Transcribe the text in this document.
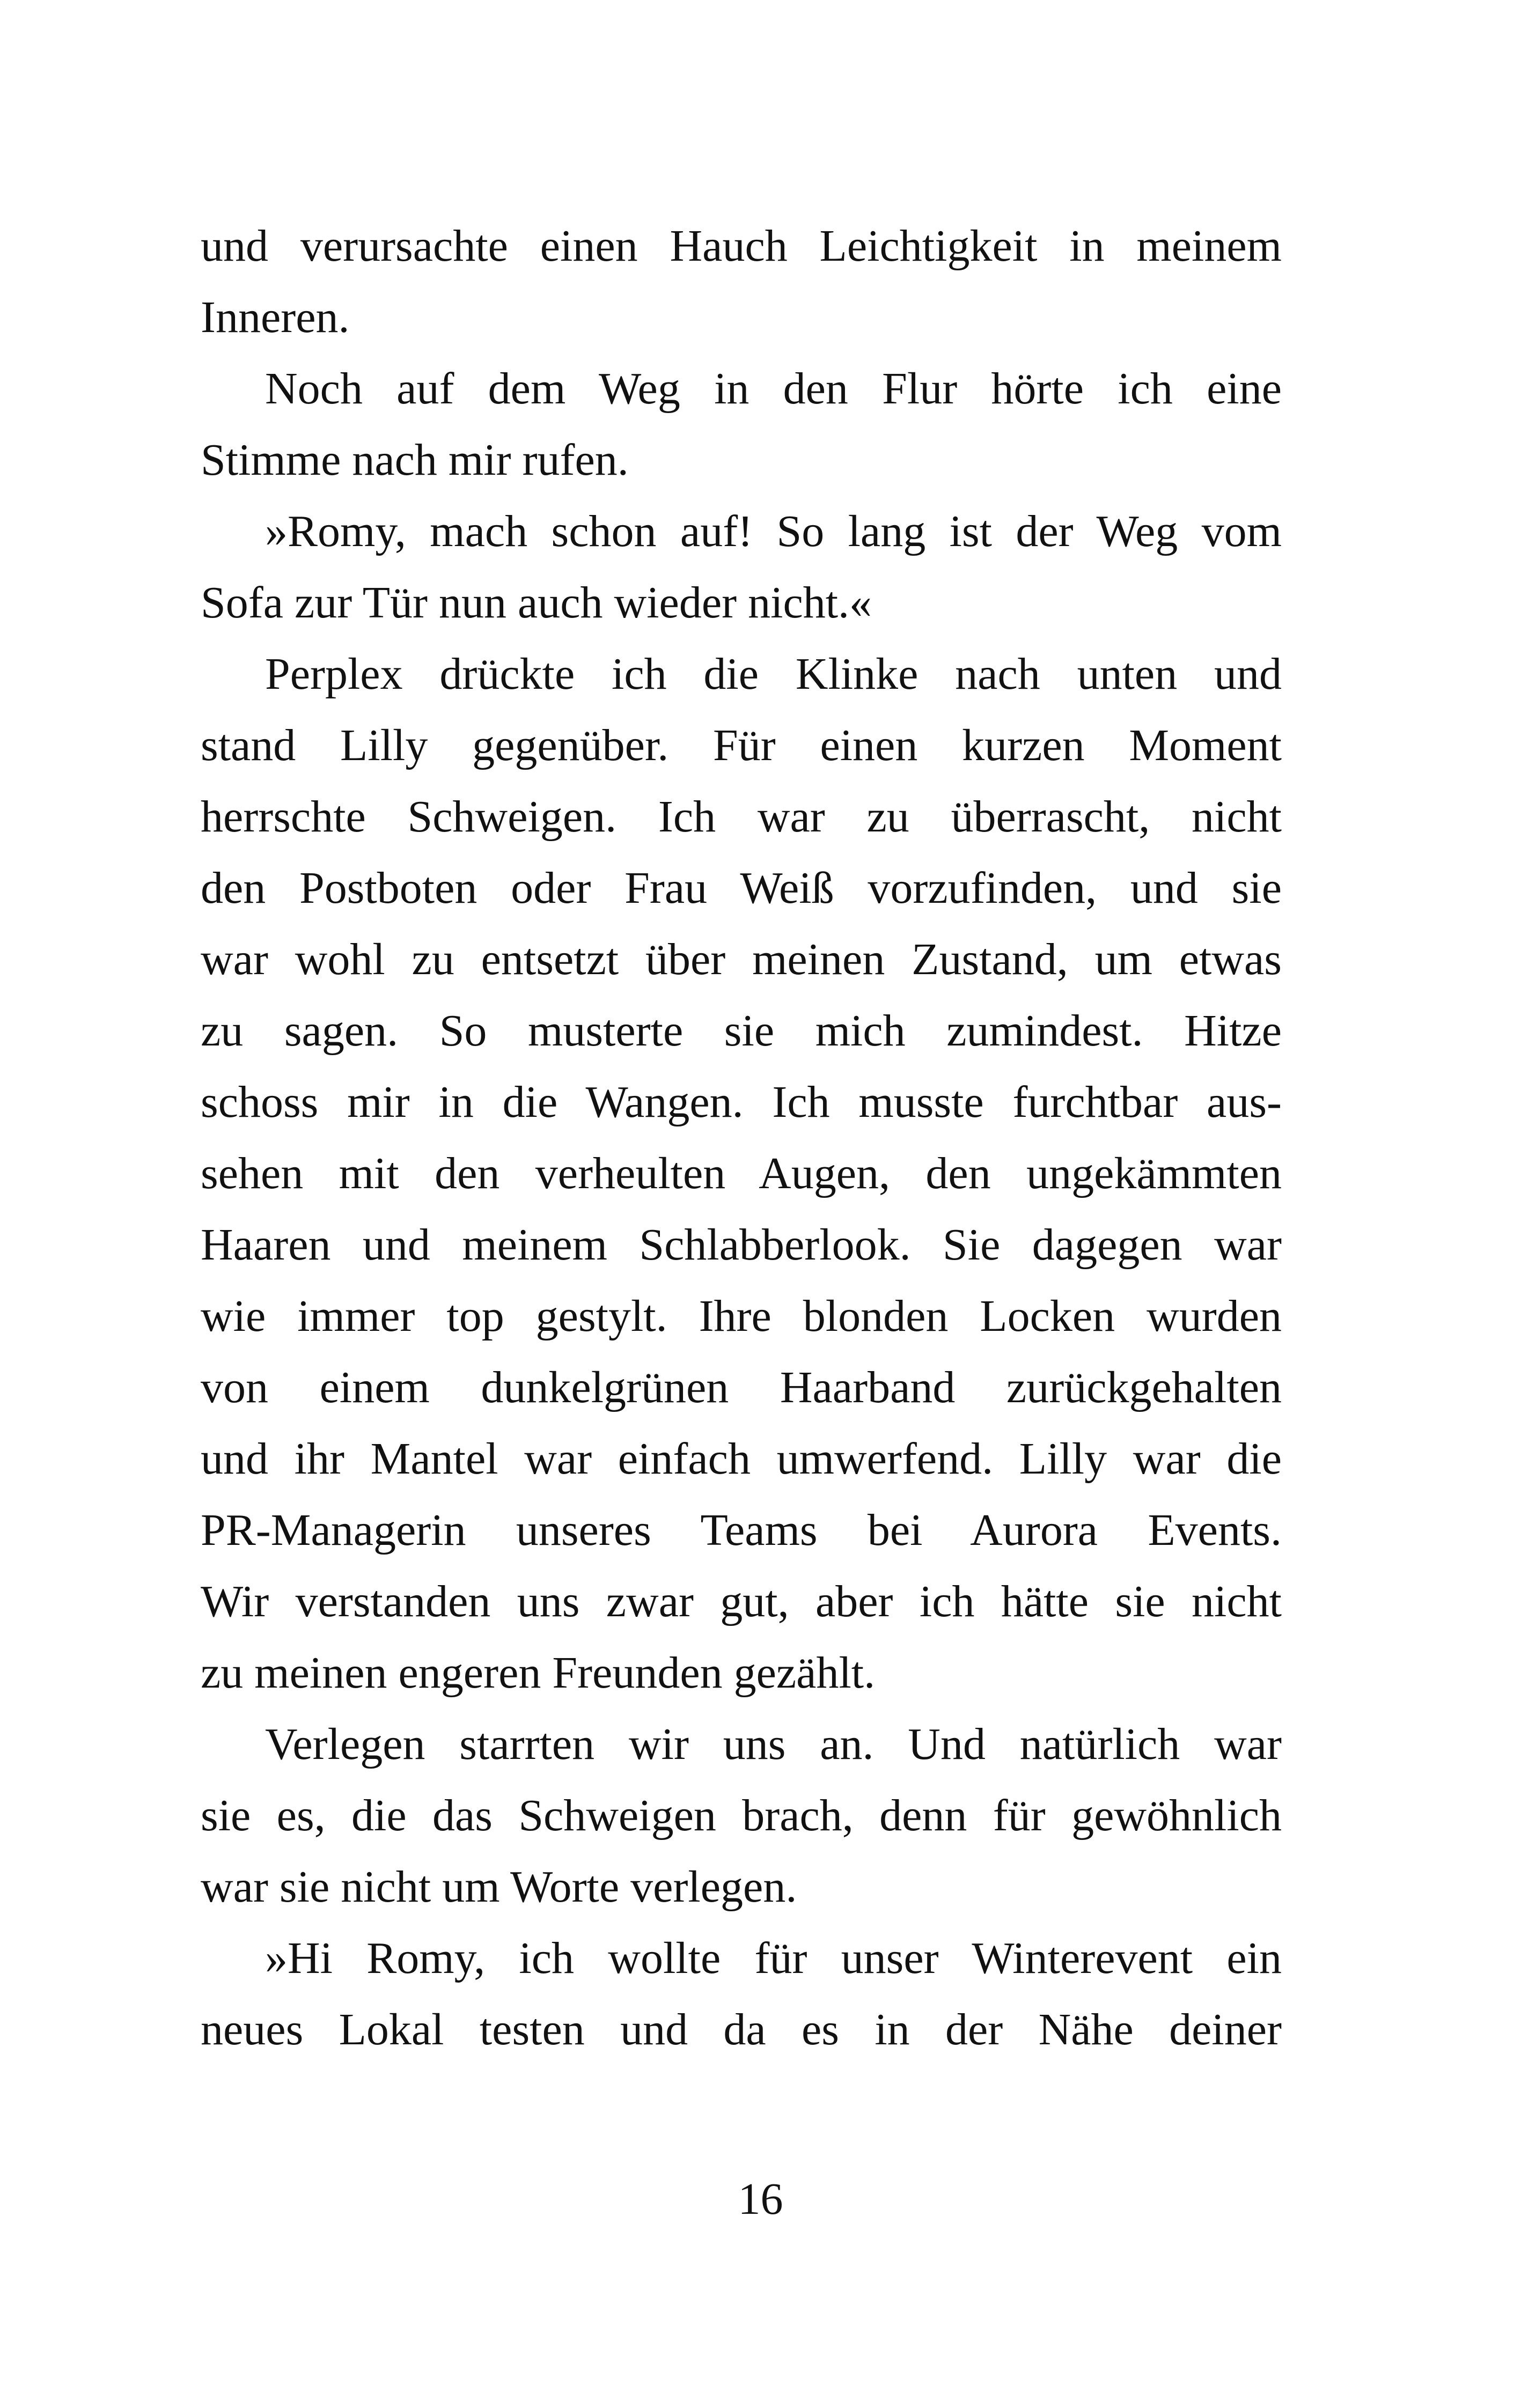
und verursachte einen Hauch Leichtigkeit in meinem
Inneren.
Noch auf dem Weg in den Flur hörte ich eine
Stimme nach mir rufen.
»Romy, mach schon auf! So lang ist der Weg vom
Sofa zur Tür nun auch wieder nicht.«
Perplex drückte ich die Klinke nach unten und
stand Lilly gegenüber. Für einen kurzen Moment
herrschte Schweigen. Ich war zu überrascht, nicht
den Postboten oder Frau Weiß vorzufinden, und sie
war wohl zu entsetzt über meinen Zustand, um etwas
zu sagen. So musterte sie mich zumindest. Hitze
schoss mir in die Wangen. Ich musste furchtbar aus-
sehen mit den verheulten Augen, den ungekämmten
Haaren und meinem Schlabberlook. Sie dagegen war
wie immer top gestylt. Ihre blonden Locken wurden
von einem dunkelgrünen Haarband zurückgehalten
und ihr Mantel war einfach umwerfend. Lilly war die
PR-Managerin unseres Teams bei Aurora Events.
Wir verstanden uns zwar gut, aber ich hätte sie nicht
zu meinen engeren Freunden gezählt.
Verlegen starrten wir uns an. Und natürlich war
sie es, die das Schweigen brach, denn für gewöhnlich
war sie nicht um Worte verlegen.
»Hi Romy, ich wollte für unser Winterevent ein
neues Lokal testen und da es in der Nähe deiner
16
